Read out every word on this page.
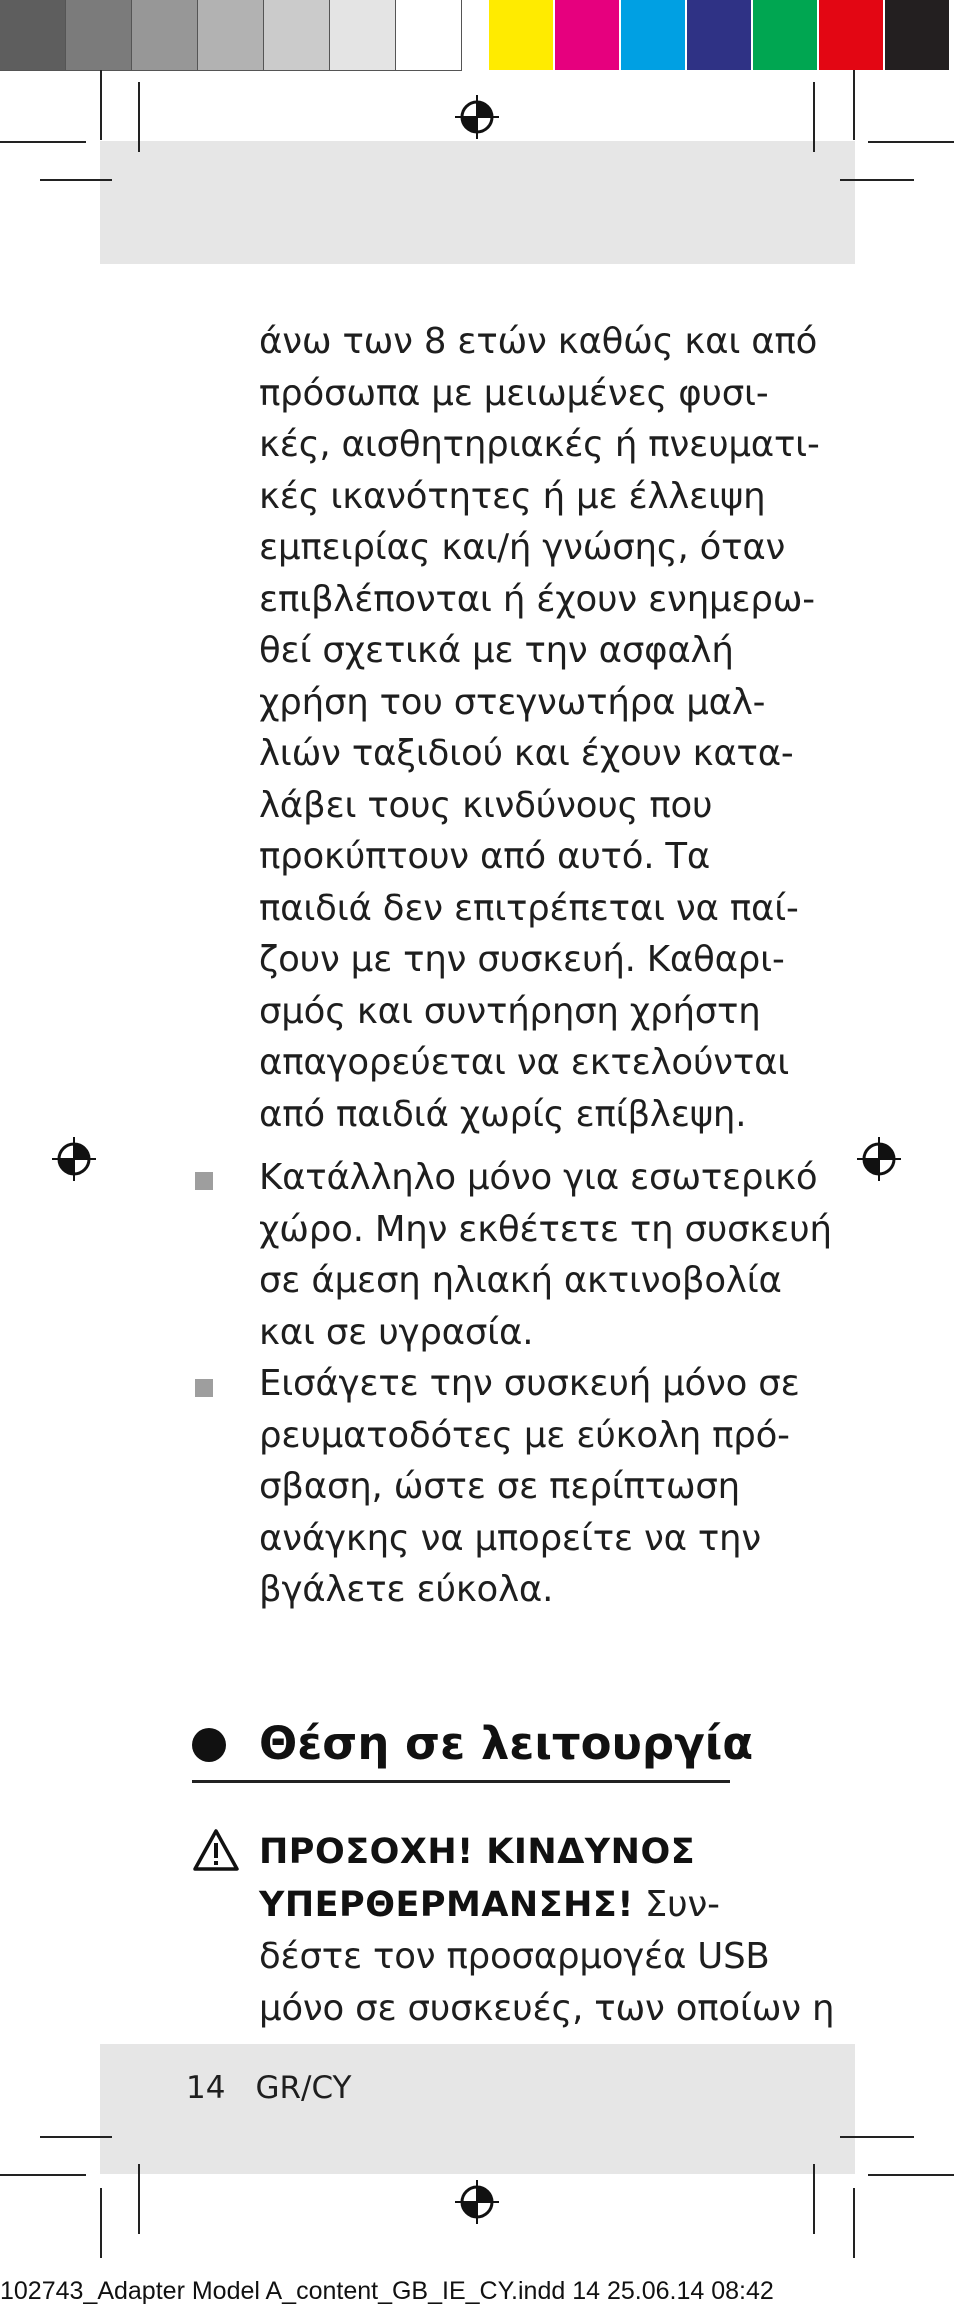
άνω των 8 ετών καθώς και από
πρόσωπα με μειωμένες φυσι-
κές, αισθητηριακές ή πνευματι-
κές ικανότητες ή με έλλειψη
εμπειρίας και/ή γνώσης, όταν
επιβλέπονται ή έχουν ενημερω-
θεί σχετικά με την ασφαλή
χρήση του στεγνωτήρα μαλ-
λιών ταξιδιού και έχουν κατα-
λάβει τους κινδύνους που
προκύπτουν από αυτό. Τα
παιδιά δεν επιτρέπεται να παί-
ζουν με την συσκευή. Καθαρι-
σμός και συντήρηση χρήστη
απαγορεύεται να εκτελούνται
από παιδιά χωρίς επίβλεψη.
Κατάλληλο μόνο για εσωτερικό
χώρο. Μην εκθέτετε τη συσκευή
σε άμεση ηλιακή ακτινοβολία
και σε υγρασία.
Εισάγετε την συσκευή μόνο σε
ρευματοδότες με εύκολη πρό-
σβαση, ώστε σε περίπτωση
ανάγκης να μπορείτε να την
βγάλετε εύκολα.
Θέση σε λειτουργία
ΠΡΟΣΟΧΗ! ΚΙΝΔΥΝΟΣ
ΥΠΕΡΘΕΡΜΑΝΣΗΣ! Συν-
δέστε τον προσαρμογέα USB
μόνο σε συσκευές, των οποίων η
14 GR/CY
102743_Adapter Model A_content_GB_IE_CY.indd 14 25.06.14 08:42
